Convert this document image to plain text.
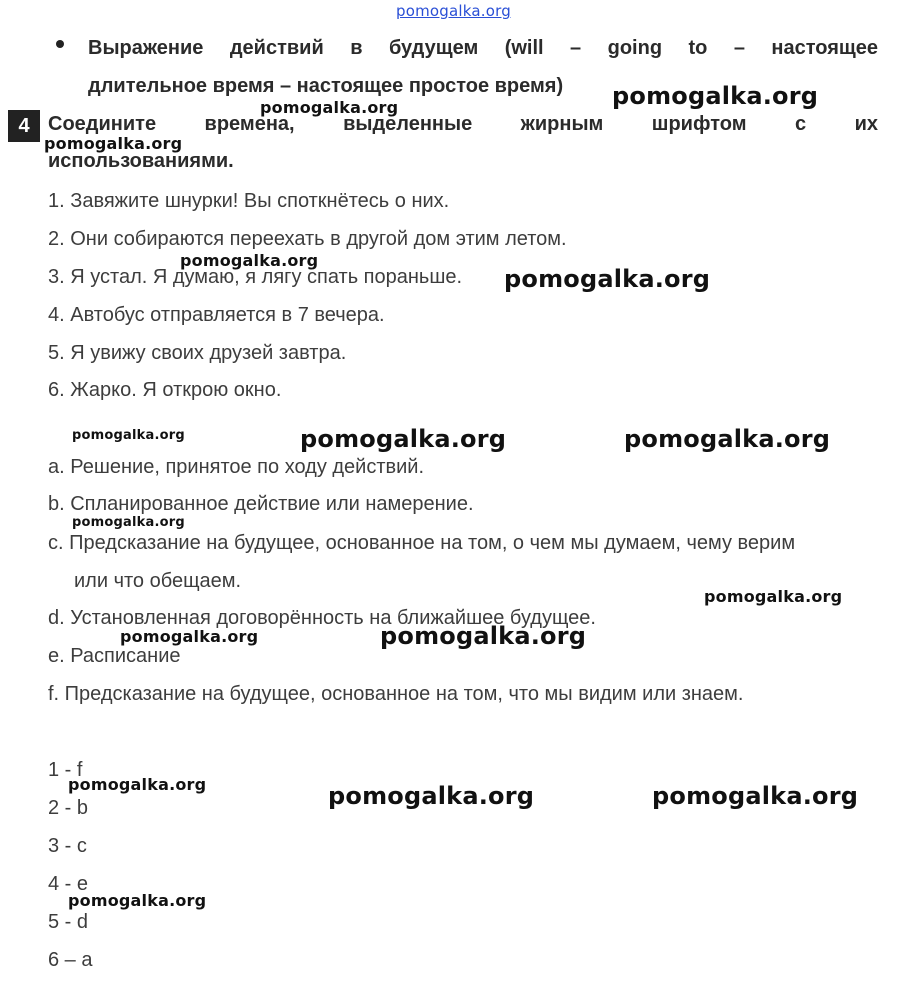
pomogalka.org
Выражение действий в будущем (will – going to – настоящее
длительное время – настоящее простое время) pomogalka.org
pomogalka.org
4 Соедините времена, выделенные жирным шрифтом с их
использованиями.
pomogalka.org
1. Завяжите шнурки! Вы споткнётесь о них.
2. Они собираются переехать в другой дом этим летом.
3. Я устал. Я думаю, я лягу спать пораньше.
pomogalka.org
pomogalka.org
4. Автобус отправляется в 7 вечера.
5. Я увижу своих друзей завтра.
6. Жарко. Я открою окно.
pomogalka.org	pomogalka.org	pomogalka.org
a. Решение, принятое по ходу действий.
b. Спланированное действие или намерение.
pomogalka.org
c. Предсказание на будущее, основанное на том, о чем мы думаем, чему верим
или что обещаем.
pomogalka.org
d. Установленная договорённость на ближайшее будущее.
pomogalka.org	pomogalka.org
e. Расписание
f. Предсказание на будущее, основанное на том, что мы видим или знаем.
1 - f
pomogalka.org	pomogalka.org	pomogalka.org
2 - b
3 - c
4 - e
pomogalka.org
5 - d
6 – a
